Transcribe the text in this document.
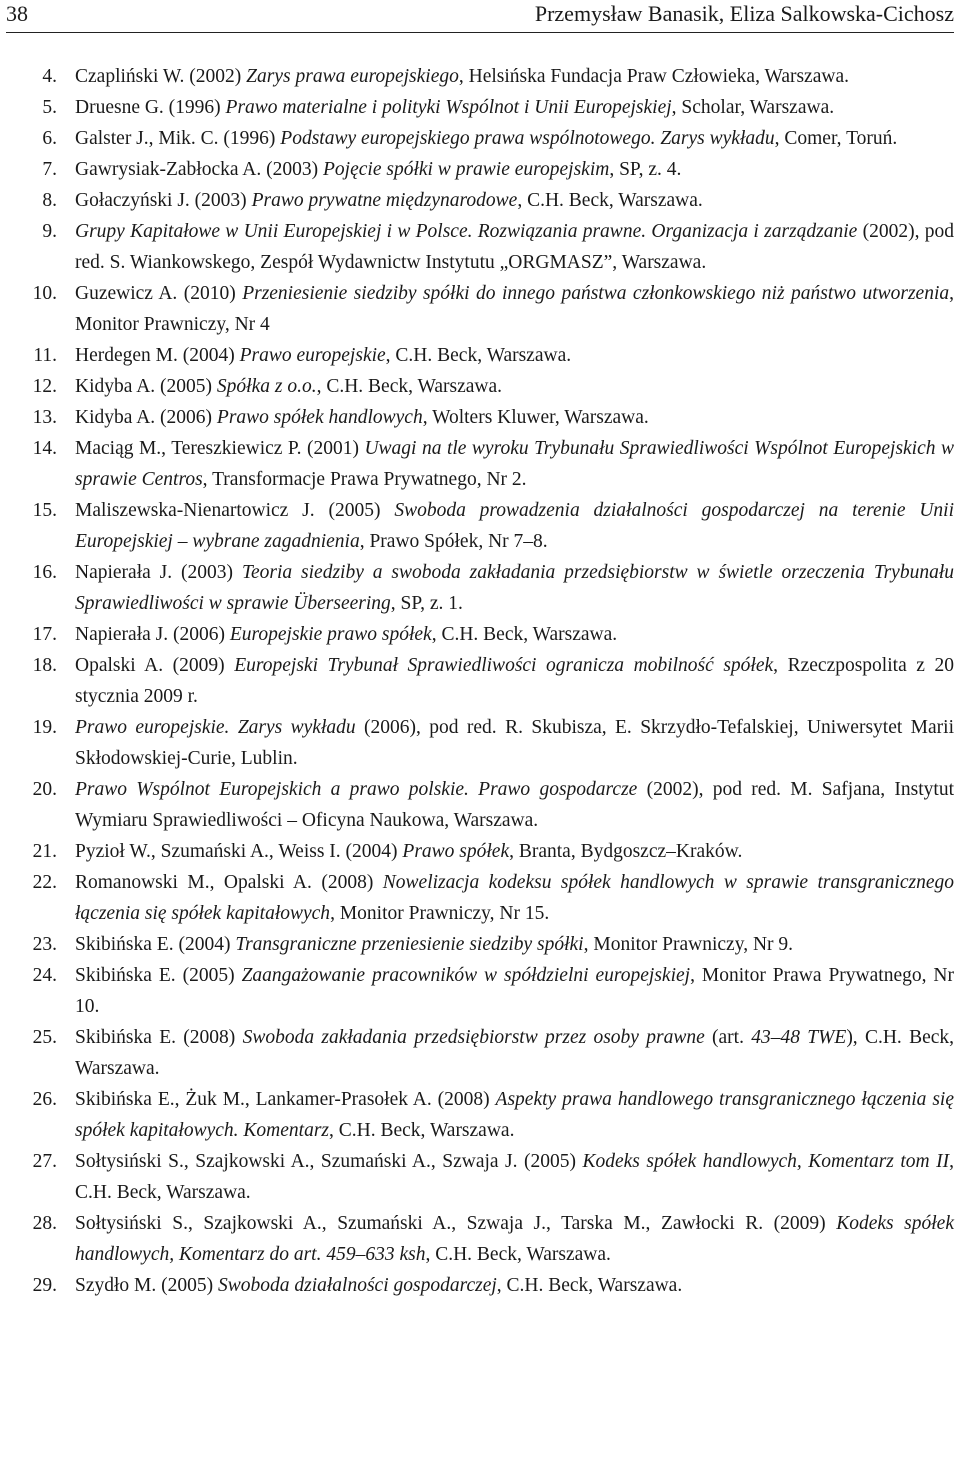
38	Przemysław Banasik, Eliza Salkowska-Cichosz
4. Czapliński W. (2002) Zarys prawa europejskiego, Helsińska Fundacja Praw Człowieka, Warszawa.
5. Druesne G. (1996) Prawo materialne i polityki Wspólnot i Unii Europejskiej, Scholar, Warszawa.
6. Galster J., Mik. C. (1996) Podstawy europejskiego prawa wspólnotowego. Zarys wykładu, Comer, Toruń.
7. Gawrysiak-Zabłocka A. (2003) Pojęcie spółki w prawie europejskim, SP, z. 4.
8. Gołaczyński J. (2003) Prawo prywatne międzynarodowe, C.H. Beck, Warszawa.
9. Grupy Kapitałowe w Unii Europejskiej i w Polsce. Rozwiązania prawne. Organizacja i zarządzanie (2002), pod red. S. Wiankowskego, Zespół Wydawnictw Instytutu „ORGMASZ”, Warszawa.
10. Guzewicz A. (2010) Przeniesienie siedziby spółki do innego państwa członkowskiego niż państwo utworzenia, Monitor Prawniczy, Nr 4
11. Herdegen M. (2004) Prawo europejskie, C.H. Beck, Warszawa.
12. Kidyba A. (2005) Spółka z o.o., C.H. Beck, Warszawa.
13. Kidyba A. (2006) Prawo spółek handlowych, Wolters Kluwer, Warszawa.
14. Maciąg M., Tereszkiewicz P. (2001) Uwagi na tle wyroku Trybunału Sprawiedliwości Wspólnot Europejskich w sprawie Centros, Transformacje Prawa Prywatnego, Nr 2.
15. Maliszewska-Nienartowicz J. (2005) Swoboda prowadzenia działalności gospodarczej na terenie Unii Europejskiej – wybrane zagadnienia, Prawo Spółek, Nr 7–8.
16. Napierała J. (2003) Teoria siedziby a swoboda zakładania przedsiębiorstw w świetle orzeczenia Trybunału Sprawiedliwości w sprawie Überseering, SP, z. 1.
17. Napierała J. (2006) Europejskie prawo spółek, C.H. Beck, Warszawa.
18. Opalski A. (2009) Europejski Trybunał Sprawiedliwości ogranicza mobilność spółek, Rzeczpospolita z 20 stycznia 2009 r.
19. Prawo europejskie. Zarys wykładu (2006), pod red. R. Skubisza, E. Skrzydło-Tefalskiej, Uniwersytet Marii Skłodowskiej-Curie, Lublin.
20. Prawo Wspólnot Europejskich a prawo polskie. Prawo gospodarcze (2002), pod red. M. Safjana, Instytut Wymiaru Sprawiedliwości – Oficyna Naukowa, Warszawa.
21. Pyzioł W., Szumański A., Weiss I. (2004) Prawo spółek, Branta, Bydgoszcz–Kraków.
22. Romanowski M., Opalski A. (2008) Nowelizacja kodeksu spółek handlowych w sprawie transgranicznego łączenia się spółek kapitałowych, Monitor Prawniczy, Nr 15.
23. Skibińska E. (2004) Transgraniczne przeniesienie siedziby spółki, Monitor Prawniczy, Nr 9.
24. Skibińska E. (2005) Zaangażowanie pracowników w spółdzielni europejskiej, Monitor Prawa Prywatnego, Nr 10.
25. Skibińska E. (2008) Swoboda zakładania przedsiębiorstw przez osoby prawne (art. 43–48 TWE), C.H. Beck, Warszawa.
26. Skibińska E., Żuk M., Lankamer-Prasołek A. (2008) Aspekty prawa handlowego transgranicznego łączenia się spółek kapitałowych. Komentarz, C.H. Beck, Warszawa.
27. Sołtysiński S., Szajkowski A., Szumański A., Szwaja J. (2005) Kodeks spółek handlowych, Komentarz tom II, C.H. Beck, Warszawa.
28. Sołtysiński S., Szajkowski A., Szumański A., Szwaja J., Tarska M., Zawłocki R. (2009) Kodeks spółek handlowych, Komentarz do art. 459–633 ksh, C.H. Beck, Warszawa.
29. Szydło M. (2005) Swoboda działalności gospodarczej, C.H. Beck, Warszawa.
